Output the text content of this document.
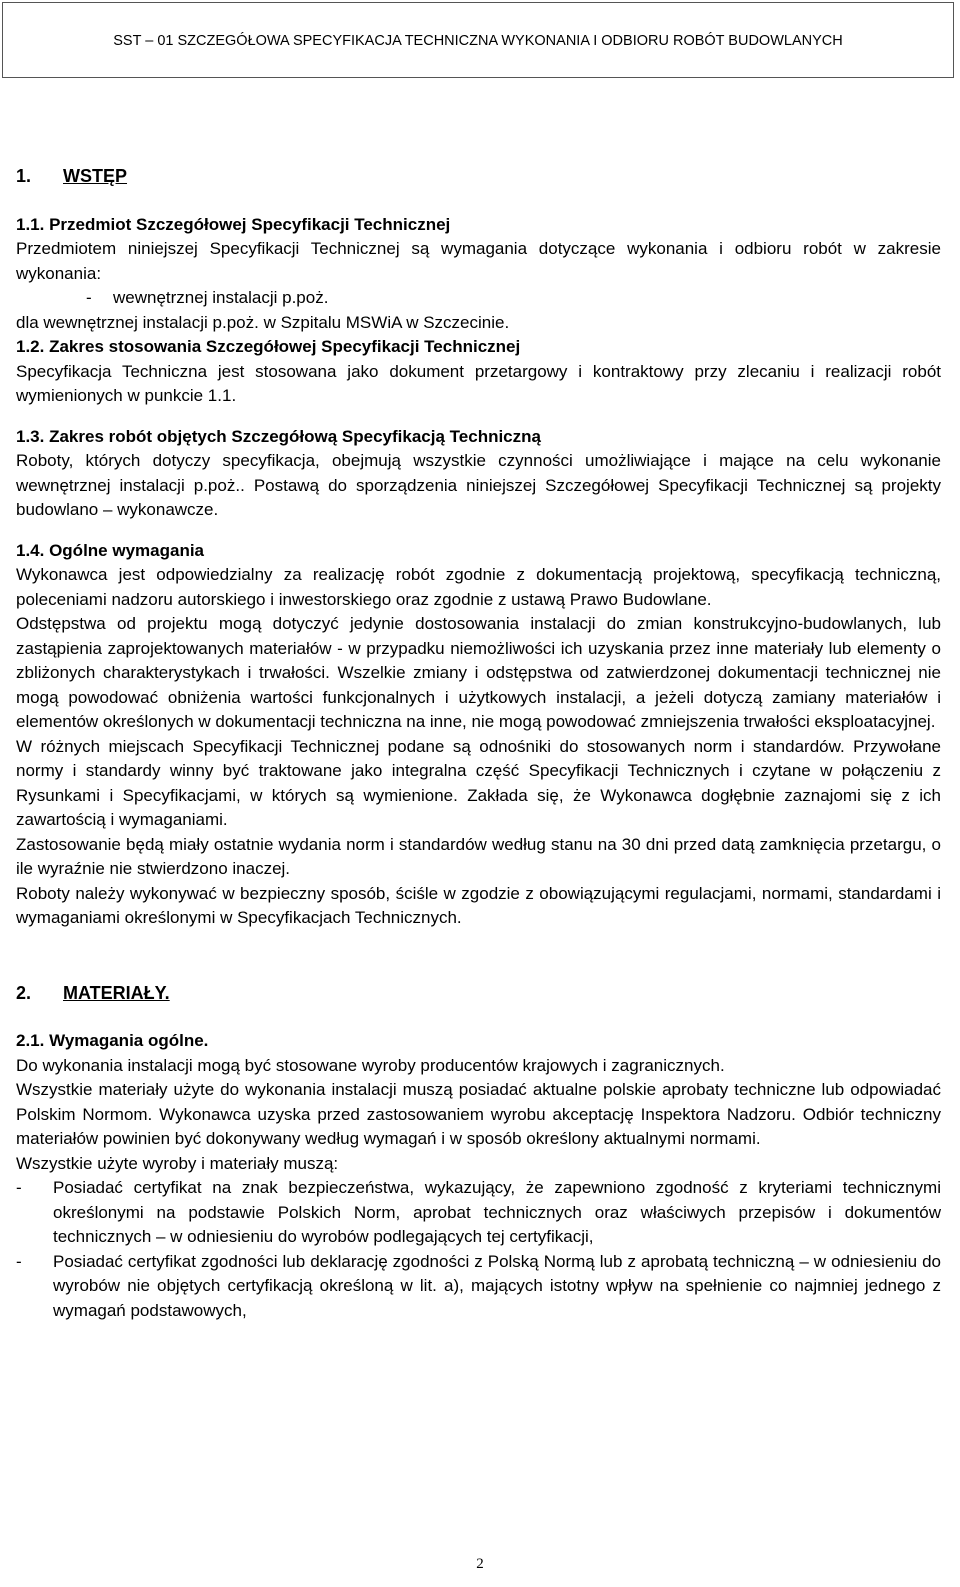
SST – 01 SZCZEGÓŁOWA SPECYFIKACJA TECHNICZNA WYKONANIA I ODBIORU ROBÓT BUDOWLANYCH

1. WSTĘP

1.1. Przedmiot Szczegółowej Specyfikacji Technicznej

Przedmiotem niniejszej Specyfikacji Technicznej są wymagania dotyczące wykonania i odbioru robót w zakresie wykonania:

- wewnętrznej instalacji p.poż.

dla wewnętrznej instalacji p.poż. w Szpitalu MSWiA w Szczecinie.

1.2. Zakres stosowania Szczegółowej Specyfikacji Technicznej

Specyfikacja Techniczna jest stosowana jako dokument przetargowy i kontraktowy przy zlecaniu i realizacji robót wymienionych w punkcie 1.1.

1.3. Zakres robót objętych Szczegółową Specyfikacją Techniczną

Roboty, których dotyczy specyfikacja, obejmują wszystkie czynności umożliwiające i mające na celu wykonanie wewnętrznej instalacji p.poż.. Postawą do sporządzenia niniejszej Szczegółowej Specyfikacji Technicznej są projekty budowlano – wykonawcze.

1.4. Ogólne wymagania

Wykonawca jest odpowiedzialny za realizację robót zgodnie z dokumentacją projektową, specyfikacją techniczną, poleceniami nadzoru autorskiego i inwestorskiego oraz zgodnie z ustawą Prawo Budowlane.

Odstępstwa od projektu mogą dotyczyć jedynie dostosowania instalacji do zmian konstrukcyjno-budowlanych, lub zastąpienia zaprojektowanych materiałów - w przypadku niemożliwości ich uzyskania przez inne materiały lub elementy o zbliżonych charakterystykach i trwałości. Wszelkie zmiany i odstępstwa od zatwierdzonej dokumentacji technicznej nie mogą powodować obniżenia wartości funkcjonalnych i użytkowych instalacji, a jeżeli dotyczą zamiany materiałów i elementów określonych w dokumentacji techniczna na inne, nie mogą powodować zmniejszenia trwałości eksploatacyjnej.

W różnych miejscach Specyfikacji Technicznej podane są odnośniki do stosowanych norm i standardów. Przywołane normy i standardy winny być traktowane jako integralna część Specyfikacji Technicznych i czytane w połączeniu z Rysunkami i Specyfikacjami, w których są wymienione. Zakłada się, że Wykonawca dogłębnie zaznajomi się z ich zawartością i wymaganiami.

Zastosowanie będą miały ostatnie wydania norm i standardów według stanu na 30 dni przed datą zamknięcia przetargu, o ile wyraźnie nie stwierdzono inaczej.

Roboty należy wykonywać w bezpieczny sposób, ściśle w zgodzie z obowiązującymi regulacjami, normami, standardami i wymaganiami określonymi w Specyfikacjach Technicznych.

2. MATERIAŁY.

2.1. Wymagania ogólne.

Do wykonania instalacji mogą być stosowane wyroby producentów krajowych i zagranicznych.

Wszystkie materiały użyte do wykonania instalacji muszą posiadać aktualne polskie aprobaty techniczne lub odpowiadać Polskim Normom. Wykonawca uzyska przed zastosowaniem wyrobu akceptację Inspektora Nadzoru. Odbiór techniczny materiałów powinien być dokonywany według wymagań i w sposób określony aktualnymi normami.

Wszystkie użyte wyroby i materiały muszą:

-	Posiadać certyfikat na znak bezpieczeństwa, wykazujący, że zapewniono zgodność z kryteriami technicznymi określonymi na podstawie Polskich Norm, aprobat technicznych oraz właściwych przepisów i dokumentów technicznych – w odniesieniu do wyrobów podlegających tej certyfikacji,
-	Posiadać certyfikat zgodności lub deklarację zgodności z Polską Normą lub z aprobatą techniczną – w odniesieniu do wyrobów nie objętych certyfikacją określoną w lit. a), mających istotny wpływ na spełnienie co najmniej jednego z wymagań podstawowych,
2
